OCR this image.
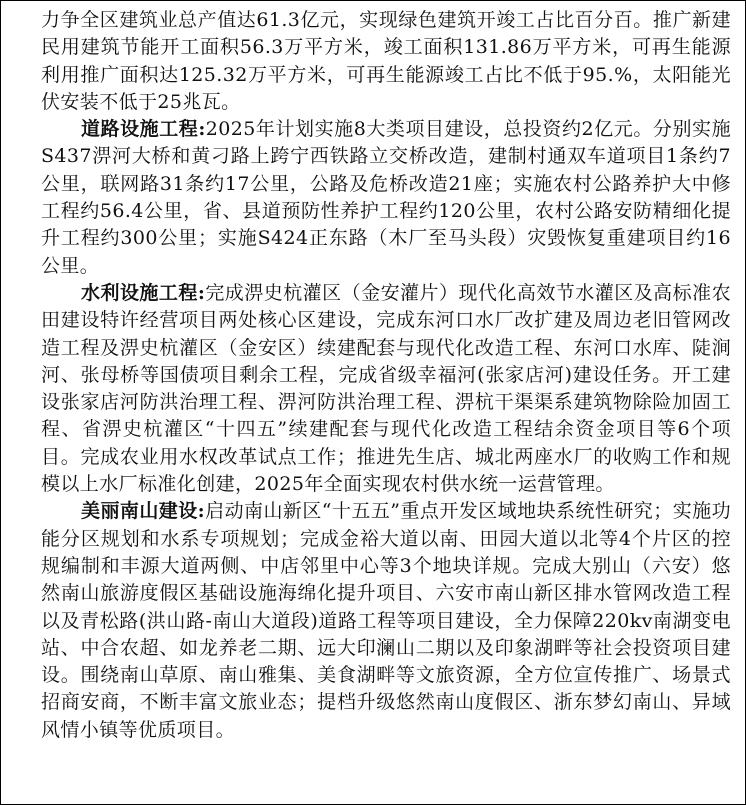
力争全区建筑业总产值达61.3亿元，实现绿色建筑开竣工占比百分百。推广新建民用建筑节能开工面积56.3万平方米，竣工面积131.86万平方米，可再生能源利用推广面积达125.32万平方米，可再生能源竣工占比不低于95.%，太阳能光伏安装不低于25兆瓦。

道路设施工程:2025年计划实施8大类项目建设，总投资约2亿元。分别实施S437淠河大桥和黄刁路上跨宁西铁路立交桥改造，建制村通双车道项目1条约7公里，联网路31条约17公里，公路及危桥改造21座；实施农村公路养护大中修工程约56.4公里，省、县道预防性养护工程约120公里，农村公路安防精细化提升工程约300公里；实施S424正东路（木厂至马头段）灾毁恢复重建项目约16公里。

水利设施工程:完成淠史杭灌区（金安灌片）现代化高效节水灌区及高标准农田建设特许经营项目两处核心区建设，完成东河口水厂改扩建及周边老旧管网改造工程及淠史杭灌区（金安区）续建配套与现代化改造工程、东河口水库、陡涧河、张母桥等国债项目剩余工程，完成省级幸福河(张家店河)建设任务。开工建设张家店河防洪治理工程、淠河防洪治理工程、淠杭干渠渠系建筑物除险加固工程、省淠史杭灌区“十四五”续建配套与现代化改造工程结余资金项目等6个项目。完成农业用水权改革试点工作；推进先生店、城北两座水厂的收购工作和规模以上水厂标准化创建，2025年全面实现农村供水统一运营管理。

美丽南山建设:启动南山新区“十五五”重点开发区域地块系统性研究；实施功能分区规划和水系专项规划；完成金裕大道以南、田园大道以北等4个片区的控规编制和丰源大道两侧、中店邻里中心等3个地块详规。完成大别山（六安）悠然南山旅游度假区基础设施海绵化提升项目、六安市南山新区排水管网改造工程以及青松路(洪山路-南山大道段)道路工程等项目建设，全力保障220kv南湖变电站、中合农超、如龙养老二期、远大印澜山二期以及印象湖畔等社会投资项目建设。围绕南山草原、南山雅集、美食湖畔等文旅资源，全方位宣传推广、场景式招商安商，不断丰富文旅业态；提档升级悠然南山度假区、浙东梦幻南山、异域风情小镇等优质项目。
